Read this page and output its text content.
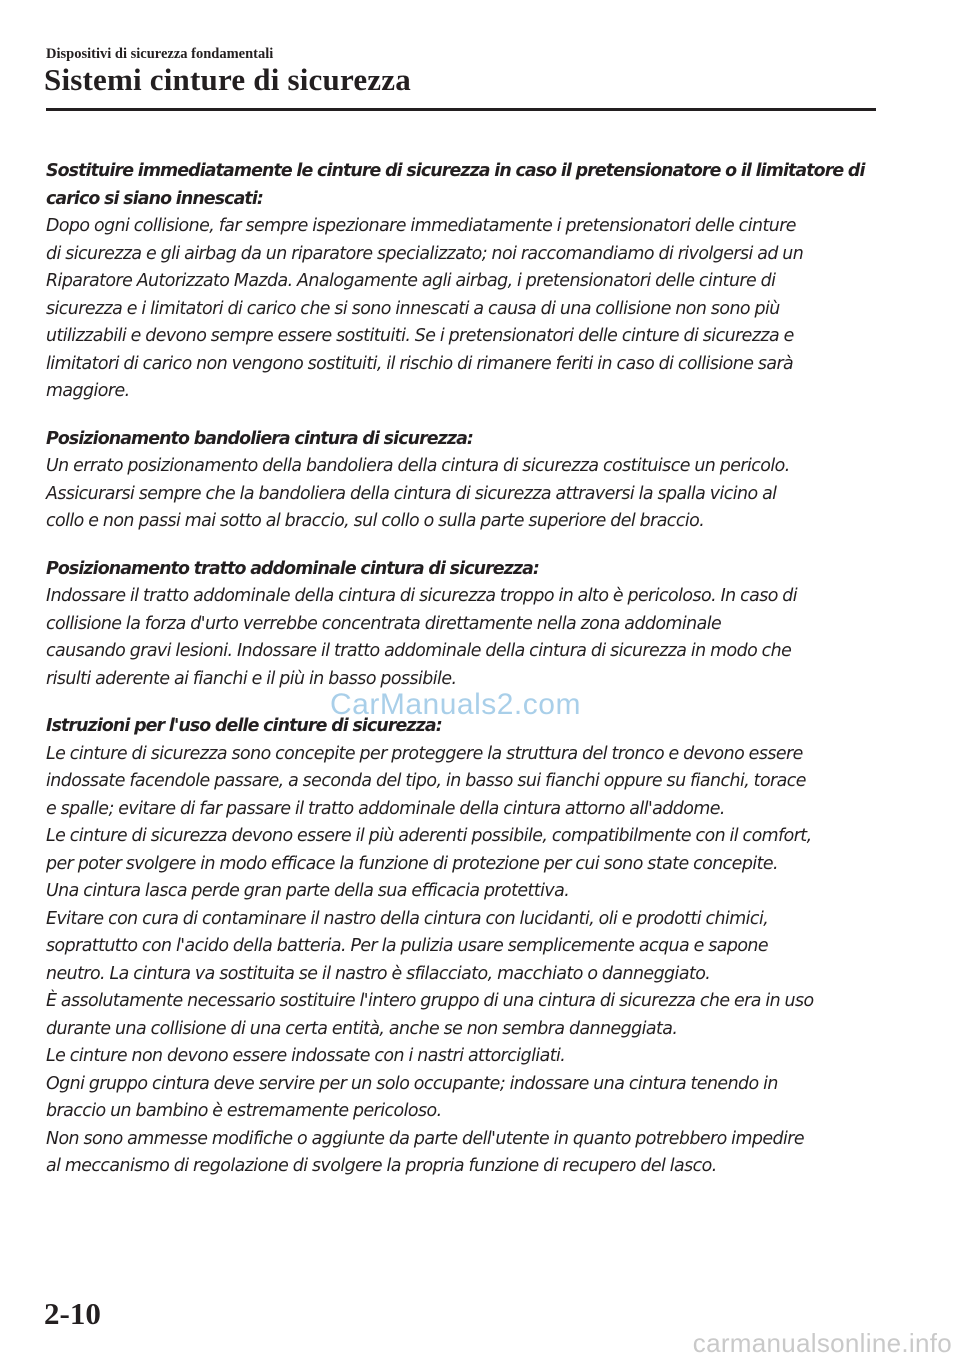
Dispositivi di sicurezza fondamentali
Sistemi cinture di sicurezza
Sostituire immediatamente le cinture di sicurezza in caso il pretensionatore o il limitatore di
carico si siano innescati:
Dopo ogni collisione, far sempre ispezionare immediatamente i pretensionatori delle cinture
di sicurezza e gli airbag da un riparatore specializzato; noi raccomandiamo di rivolgersi ad un
Riparatore Autorizzato Mazda. Analogamente agli airbag, i pretensionatori delle cinture di
sicurezza e i limitatori di carico che si sono innescati a causa di una collisione non sono più
utilizzabili e devono sempre essere sostituiti. Se i pretensionatori delle cinture di sicurezza e
limitatori di carico non vengono sostituiti, il rischio di rimanere feriti in caso di collisione sarà
maggiore.
Posizionamento bandoliera cintura di sicurezza:
Un errato posizionamento della bandoliera della cintura di sicurezza costituisce un pericolo.
Assicurarsi sempre che la bandoliera della cintura di sicurezza attraversi la spalla vicino al
collo e non passi mai sotto al braccio, sul collo o sulla parte superiore del braccio.
Posizionamento tratto addominale cintura di sicurezza:
Indossare il tratto addominale della cintura di sicurezza troppo in alto è pericoloso. In caso di
collisione la forza d'urto verrebbe concentrata direttamente nella zona addominale
causando gravi lesioni. Indossare il tratto addominale della cintura di sicurezza in modo che
risulti aderente ai fianchi e il più in basso possibile.
Istruzioni per l'uso delle cinture di sicurezza:
Le cinture di sicurezza sono concepite per proteggere la struttura del tronco e devono essere
indossate facendole passare, a seconda del tipo, in basso sui fianchi oppure su fianchi, torace
e spalle; evitare di far passare il tratto addominale della cintura attorno all'addome.
Le cinture di sicurezza devono essere il più aderenti possibile, compatibilmente con il comfort,
per poter svolgere in modo efficace la funzione di protezione per cui sono state concepite.
Una cintura lasca perde gran parte della sua efficacia protettiva.
Evitare con cura di contaminare il nastro della cintura con lucidanti, oli e prodotti chimici,
soprattutto con l'acido della batteria. Per la pulizia usare semplicemente acqua e sapone
neutro. La cintura va sostituita se il nastro è sfilacciato, macchiato o danneggiato.
È assolutamente necessario sostituire l'intero gruppo di una cintura di sicurezza che era in uso
durante una collisione di una certa entità, anche se non sembra danneggiata.
Le cinture non devono essere indossate con i nastri attorcigliati.
Ogni gruppo cintura deve servire per un solo occupante; indossare una cintura tenendo in
braccio un bambino è estremamente pericoloso.
Non sono ammesse modifiche o aggiunte da parte dell'utente in quanto potrebbero impedire
al meccanismo di regolazione di svolgere la propria funzione di recupero del lasco.
CarManuals2.com
2-10
carmanualsonline.info
